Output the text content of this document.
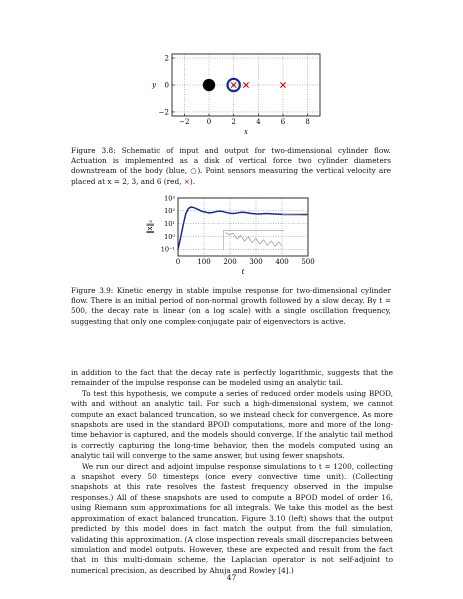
−2 0	2	4	6	8
2
0
−2
x
y
Figure 3.8: Schematic of input and output for two-dimensional cylinder flow. Actuation is implemented as a disk of vertical force two cylinder diameters downstream of the body (blue, ○). Point sensors measuring the vertical velocity are placed at x = 2, 3, and 6 (red, ×).
0 100 200 300 400 500
10⁻¹
10⁰
10¹
10²
10³
t
‖x‖₂
Figure 3.9: Kinetic energy in stable impulse response for two-dimensional cylinder flow. There is an initial period of non-normal growth followed by a slow decay. By t = 500, the decay rate is linear (on a log scale) with a single oscillation frequency, suggesting that only one complex-conjugate pair of eigenvectors is active.

in addition to the fact that the decay rate is perfectly logarithmic, suggests that the remainder of the impulse response can be modeled using an analytic tail.

To test this hypothesis, we compute a series of reduced order models using BPOD, with and without an analytic tail. For such a high-dimensional system, we cannot compute an exact balanced truncation, so we instead check for convergence. As more snapshots are used in the standard BPOD computations, more and more of the long-time behavior is captured, and the models should converge. If the analytic tail method is correctly capturing the long-time behavior, then the models computed using an analytic tail will converge to the same answer, but using fewer snapshots.

We run our direct and adjoint impulse response simulations to t = 1200, collecting a snapshot every 50 timesteps (once every convective time unit). (Collecting snapshots at this rate resolves the fastest frequency observed in the impulse responses.) All of these snapshots are used to compute a BPOD model of order 16, using Riemann sum approximations for all integrals. We take this model as the best approximation of exact balanced truncation. Figure 3.10 (left) shows that the output predicted by this model does in fact match the output from the full simulation, validating this approximation. (A close inspection reveals small discrepancies between simulation and model outputs. However, these are expected and result from the fact that in this multi-domain scheme, the Laplacian operator is not self-adjoint to numerical precision, as described by Ahuja and Rowley [4].)

47
